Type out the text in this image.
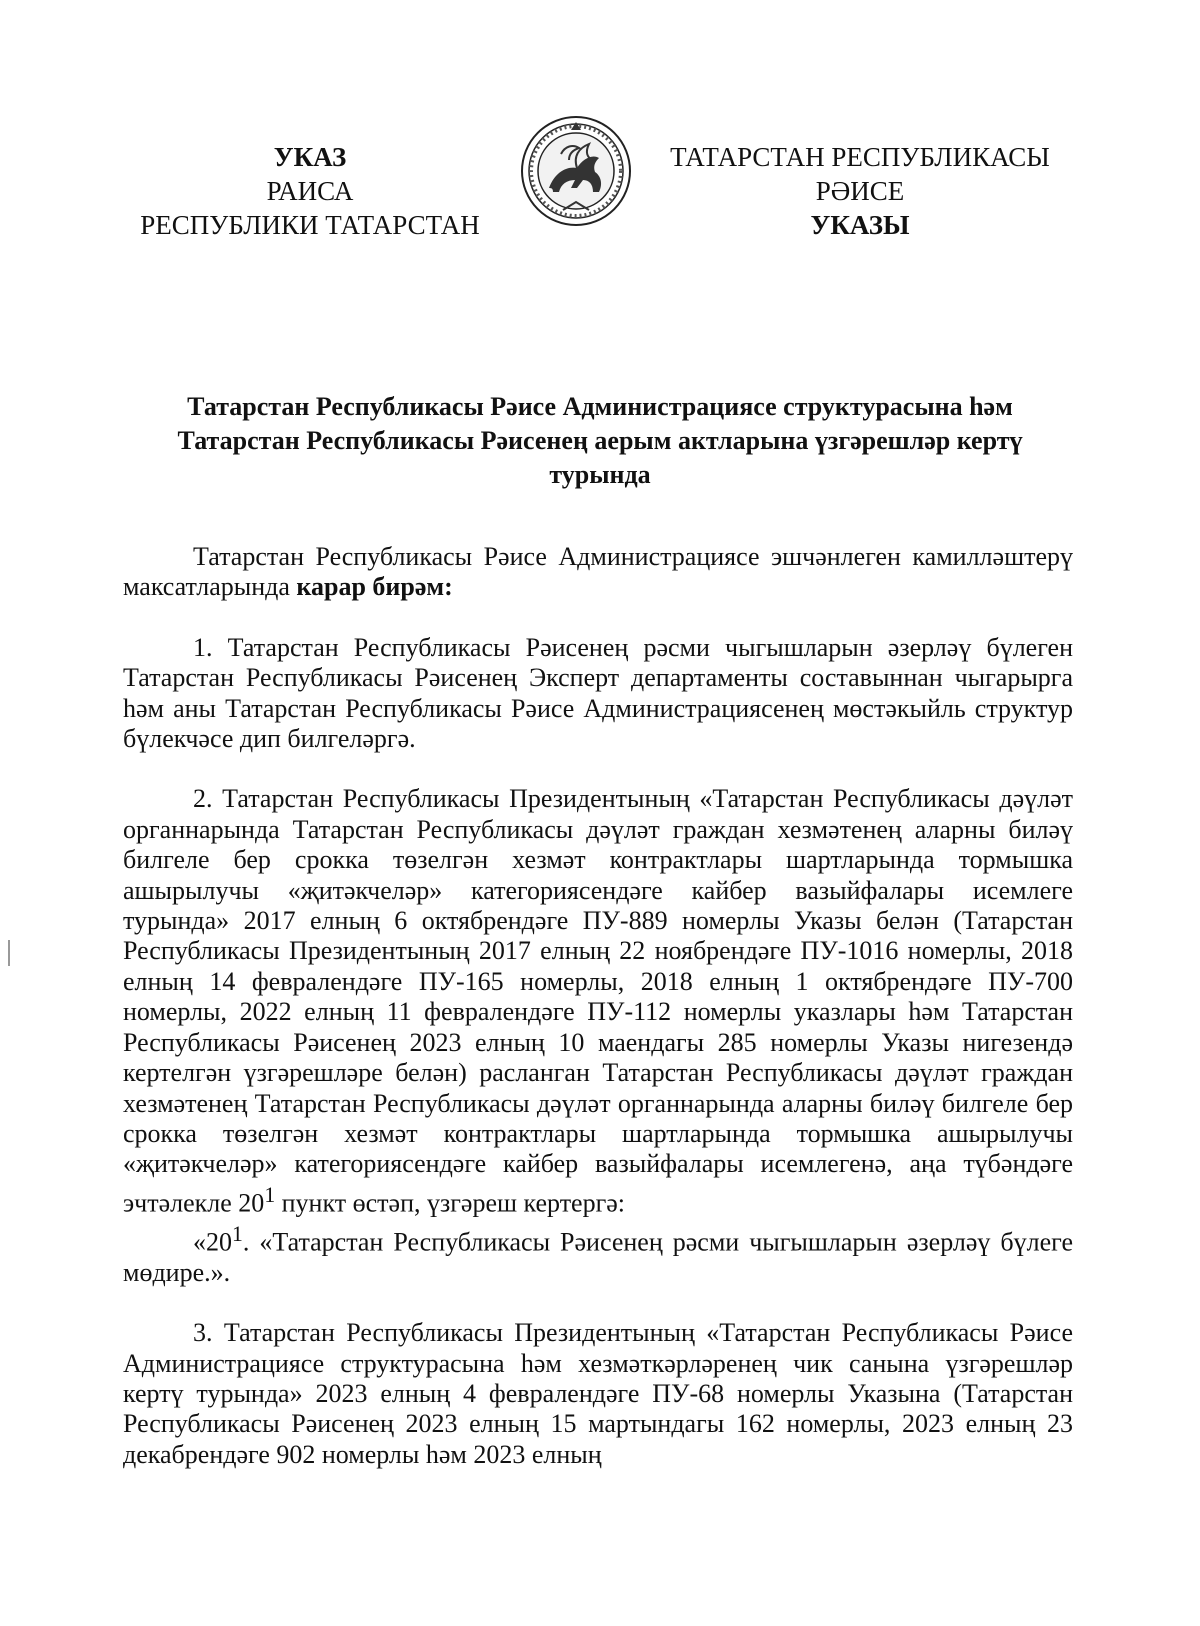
УКАЗ
РАИСА
РЕСПУБЛИКИ ТАТАРСТАН
ТАТАРСТАН РЕСПУБЛИКАСЫ
РӘИСЕ
УКАЗЫ
Татарстан Республикасы Рәисе Администрациясе структурасына һәм Татарстан Республикасы Рәисенең аерым актларына үзгәрешләр кертү турында

Татарстан Республикасы Рәисе Администрациясе эшчәнлеген камилләштерү максатларында карар бирәм:

1. Татарстан Республикасы Рәисенең рәсми чыгышларын әзерләү бүлеген Татарстан Республикасы Рәисенең Эксперт департаменты составыннан чыгарырга һәм аны Татарстан Республикасы Рәисе Администрациясенең мөстәкыйль структур бүлекчәсе дип билгеләргә.

2. Татарстан Республикасы Президентының «Татарстан Республикасы дәүләт органнарында Татарстан Республикасы дәүләт граждан хезмәтенең аларны биләү билгеле бер срокка төзелгән хезмәт контрактлары шартларында тормышка ашырылучы «җитәкчеләр» категориясендәге кайбер вазыйфалары исемлеге турында» 2017 елның 6 октябрендәге ПУ-889 номерлы Указы белән (Татарстан Республикасы Президентының 2017 елның 22 ноябрендәге ПУ-1016 номерлы, 2018 елның 14 февралендәге ПУ-165 номерлы, 2018 елның 1 октябрендәге ПУ-700 номерлы, 2022 елның 11 февралендәге ПУ-112 номерлы указлары һәм Татарстан Республикасы Рәисенең 2023 елның 10 маендагы 285 номерлы Указы нигезендә кертелгән үзгәрешләре белән) расланган Татарстан Республикасы дәүләт граждан хезмәтенең Татарстан Республикасы дәүләт органнарында аларны биләү билгеле бер срокка төзелгән хезмәт контрактлары шартларында тормышка ашырылучы «җитәкчеләр» категориясендәге кайбер вазыйфалары исемлегенә, аңа түбәндәге эчтәлекле $20^1$ пункт өстәп, үзгәреш кертергә:

«$20^1$. «Татарстан Республикасы Рәисенең рәсми чыгышларын әзерләү бүлеге мөдире.».

3. Татарстан Республикасы Президентының «Татарстан Республикасы Рәисе Администрациясе структурасына һәм хезмәткәрләренең чик санына үзгәрешләр кертү турында» 2023 елның 4 февралендәге ПУ-68 номерлы Указына (Татарстан Республикасы Рәисенең 2023 елның 15 мартындагы 162 номерлы, 2023 елның 23 декабрендәге 902 номерлы һәм 2023 елның
